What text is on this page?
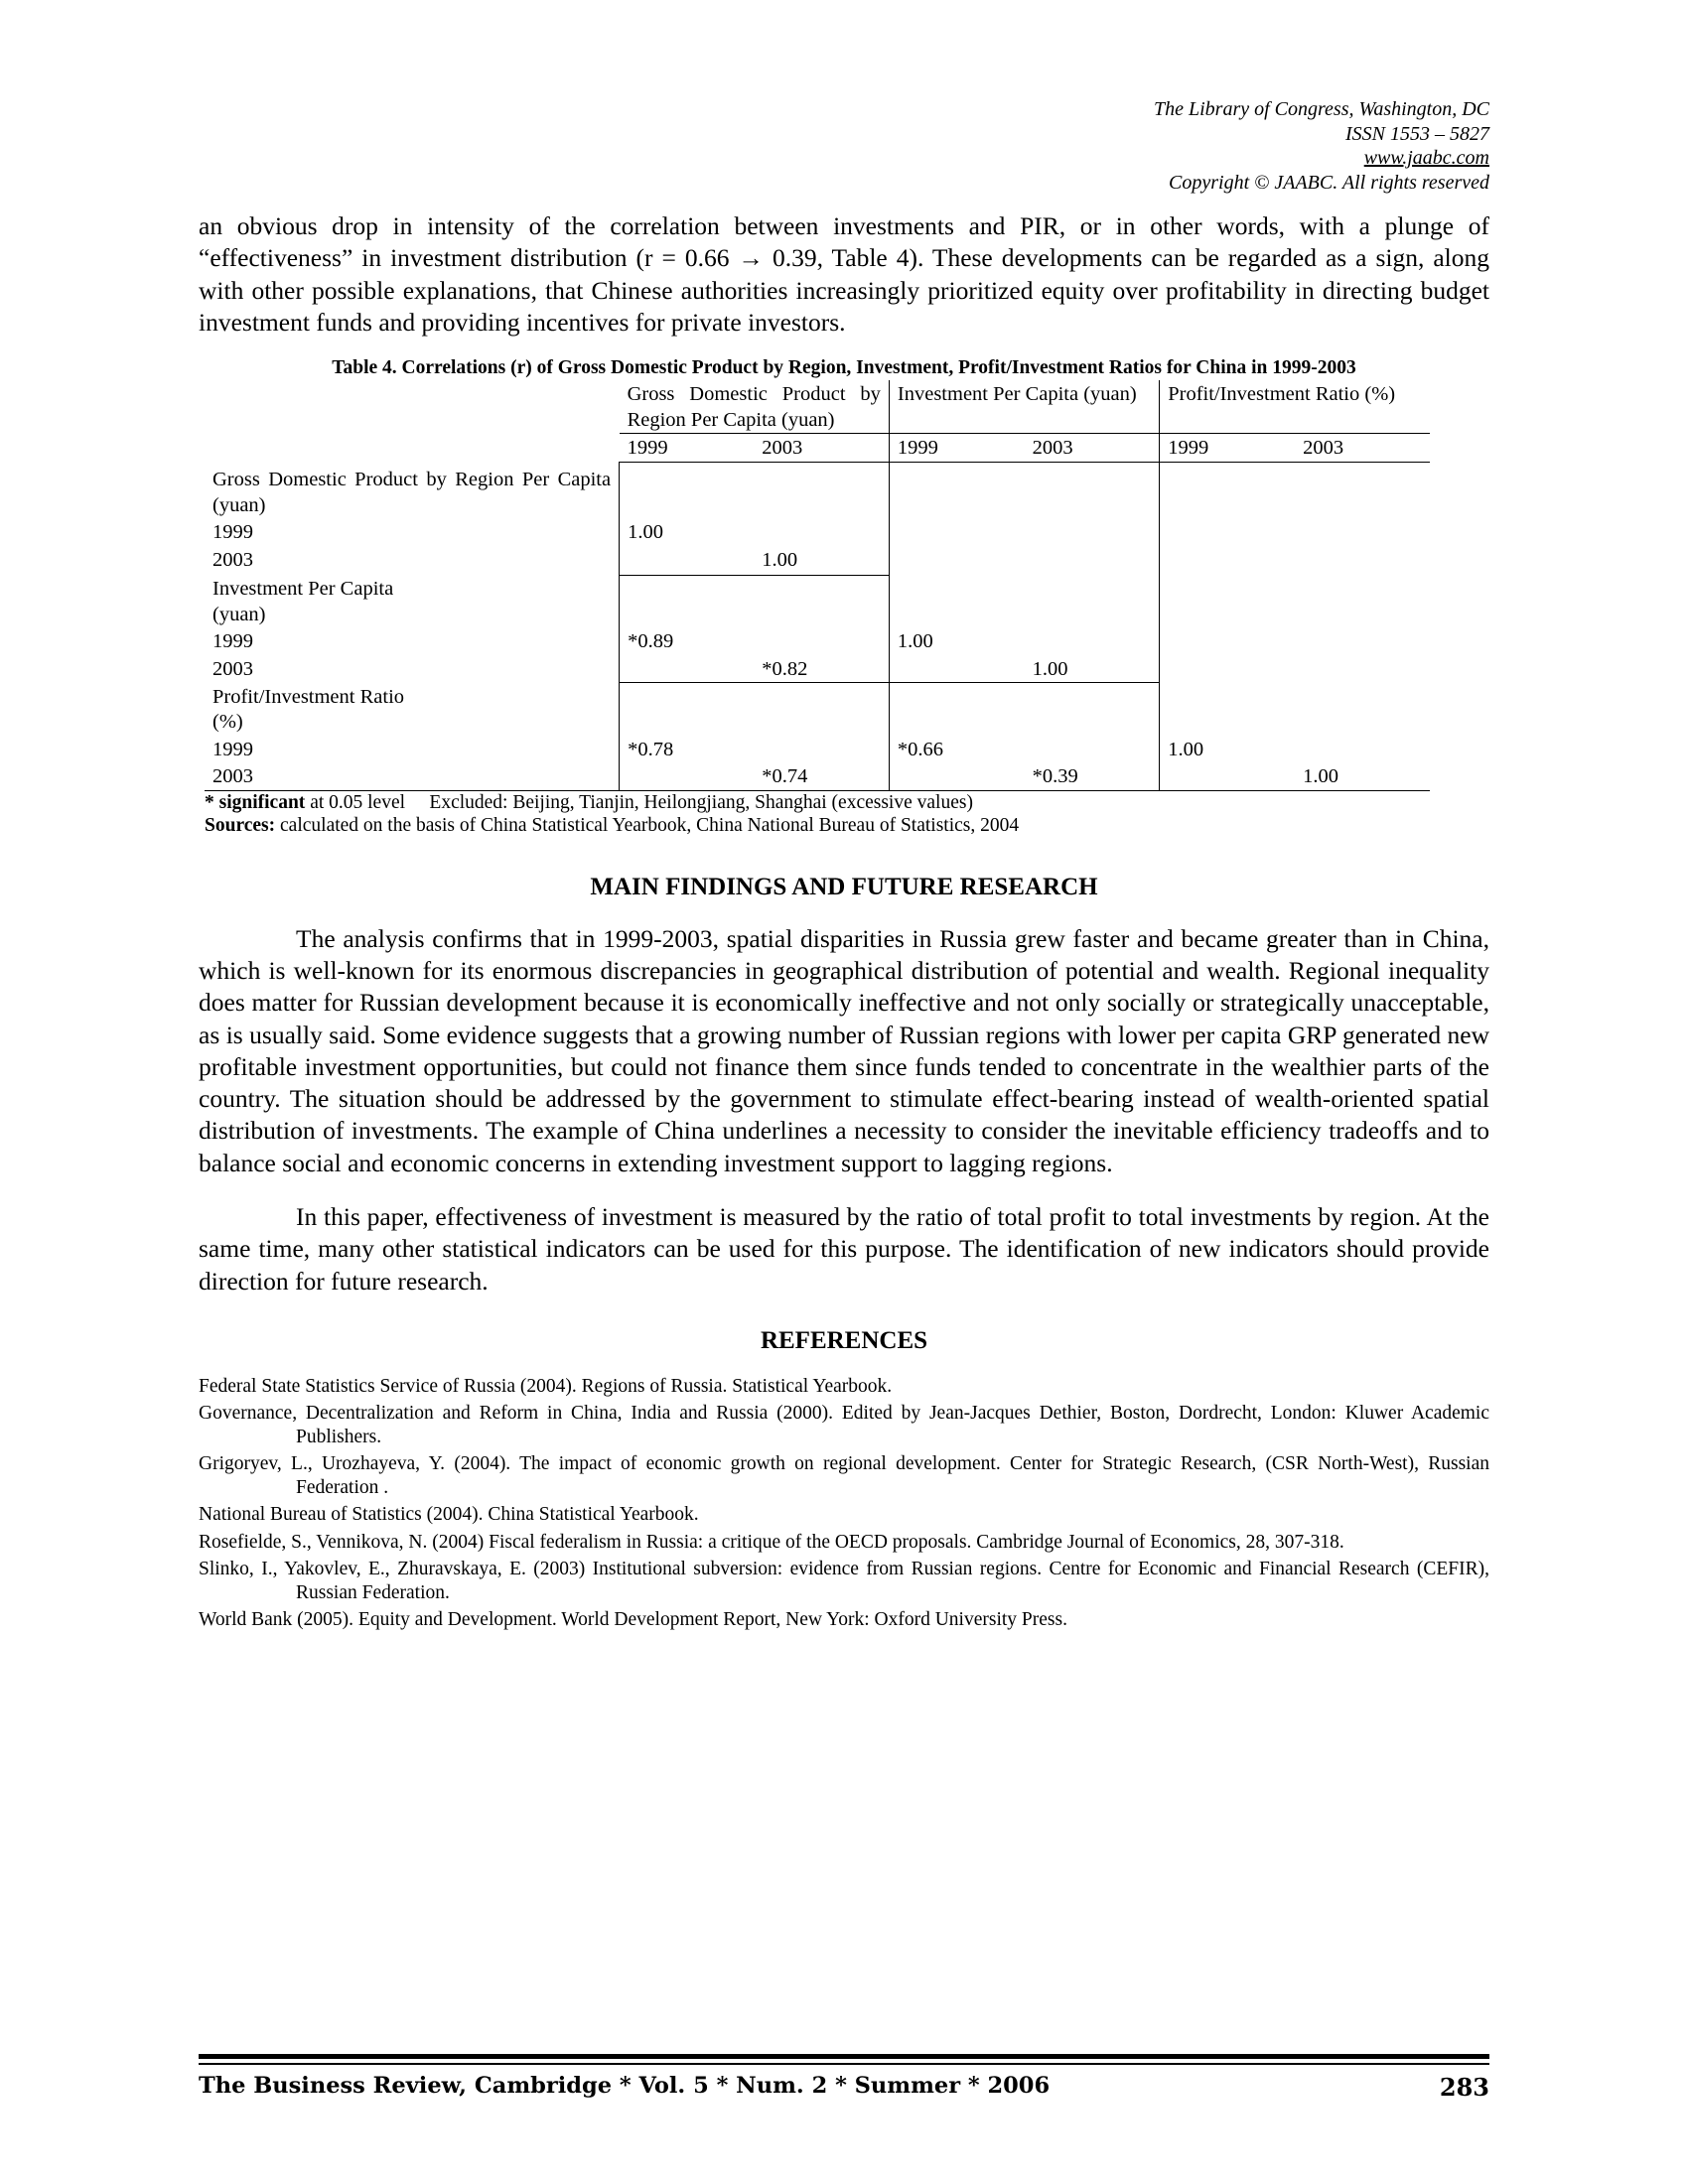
The Library of Congress, Washington, DC
ISSN 1553 – 5827
www.jaabc.com
Copyright © JAABC. All rights reserved

an obvious drop in intensity of the correlation between investments and PIR, or in other words, with a plunge of “effectiveness” in investment distribution (r = 0.66 → 0.39, Table 4). These developments can be regarded as a sign, along with other possible explanations, that Chinese authorities increasingly prioritized equity over profitability in directing budget investment funds and providing incentives for private investors.

Table 4. Correlations (r) of Gross Domestic Product by Region, Investment, Profit/Investment Ratios for China in 1999-2003
	Gross Domestic Product by Region Per Capita (yuan)		Investment Per Capita (yuan)		Profit/Investment Ratio (%)	
	1999	2003	1999	2003	1999	2003
Gross Domestic Product by Region Per Capita (yuan)						
1999	1.00					
2003		1.00				

Investment Per Capita
(yuan)						

1999	*0.89		1.00			
2003		*0.82		1.00		

Profit/Investment Ratio
(%)						

1999	*0.78		*0.66		1.00	
2003		*0.74		*0.39		1.00
* significant at 0.05 level     Excluded: Beijing, Tianjin, Heilongjiang, Shanghai (excessive values)
Sources: calculated on the basis of China Statistical Yearbook, China National Bureau of Statistics, 2004
MAIN FINDINGS AND FUTURE RESEARCH

The analysis confirms that in 1999-2003, spatial disparities in Russia grew faster and became greater than in China, which is well-known for its enormous discrepancies in geographical distribution of potential and wealth. Regional inequality does matter for Russian development because it is economically ineffective and not only socially or strategically unacceptable, as is usually said. Some evidence suggests that a growing number of Russian regions with lower per capita GRP generated new profitable investment opportunities, but could not finance them since funds tended to concentrate in the wealthier parts of the country. The situation should be addressed by the government to stimulate effect-bearing instead of wealth-oriented spatial distribution of investments. The example of China underlines a necessity to consider the inevitable efficiency tradeoffs and to balance social and economic concerns in extending investment support to lagging regions.

In this paper, effectiveness of investment is measured by the ratio of total profit to total investments by region. At the same time, many other statistical indicators can be used for this purpose. The identification of new indicators should provide direction for future research.

REFERENCES

Federal State Statistics Service of Russia (2004). Regions of Russia. Statistical Yearbook.

Governance, Decentralization and Reform in China, India and Russia (2000). Edited by Jean-Jacques Dethier, Boston, Dordrecht, London: Kluwer Academic Publishers.

Grigoryev, L., Urozhayeva, Y. (2004). The impact of economic growth on regional development. Center for Strategic Research, (CSR North-West), Russian Federation .

National Bureau of Statistics (2004). China Statistical Yearbook.

Rosefielde, S., Vennikova, N. (2004) Fiscal federalism in Russia: a critique of the OECD proposals. Cambridge Journal of Economics, 28, 307-318.

Slinko, I., Yakovlev, E., Zhuravskaya, E. (2003) Institutional subversion: evidence from Russian regions. Centre for Economic and Financial Research (CEFIR), Russian Federation.

World Bank (2005). Equity and Development. World Development Report, New York: Oxford University Press.

The Business Review, Cambridge * Vol. 5 * Num. 2 * Summer * 2006	283
